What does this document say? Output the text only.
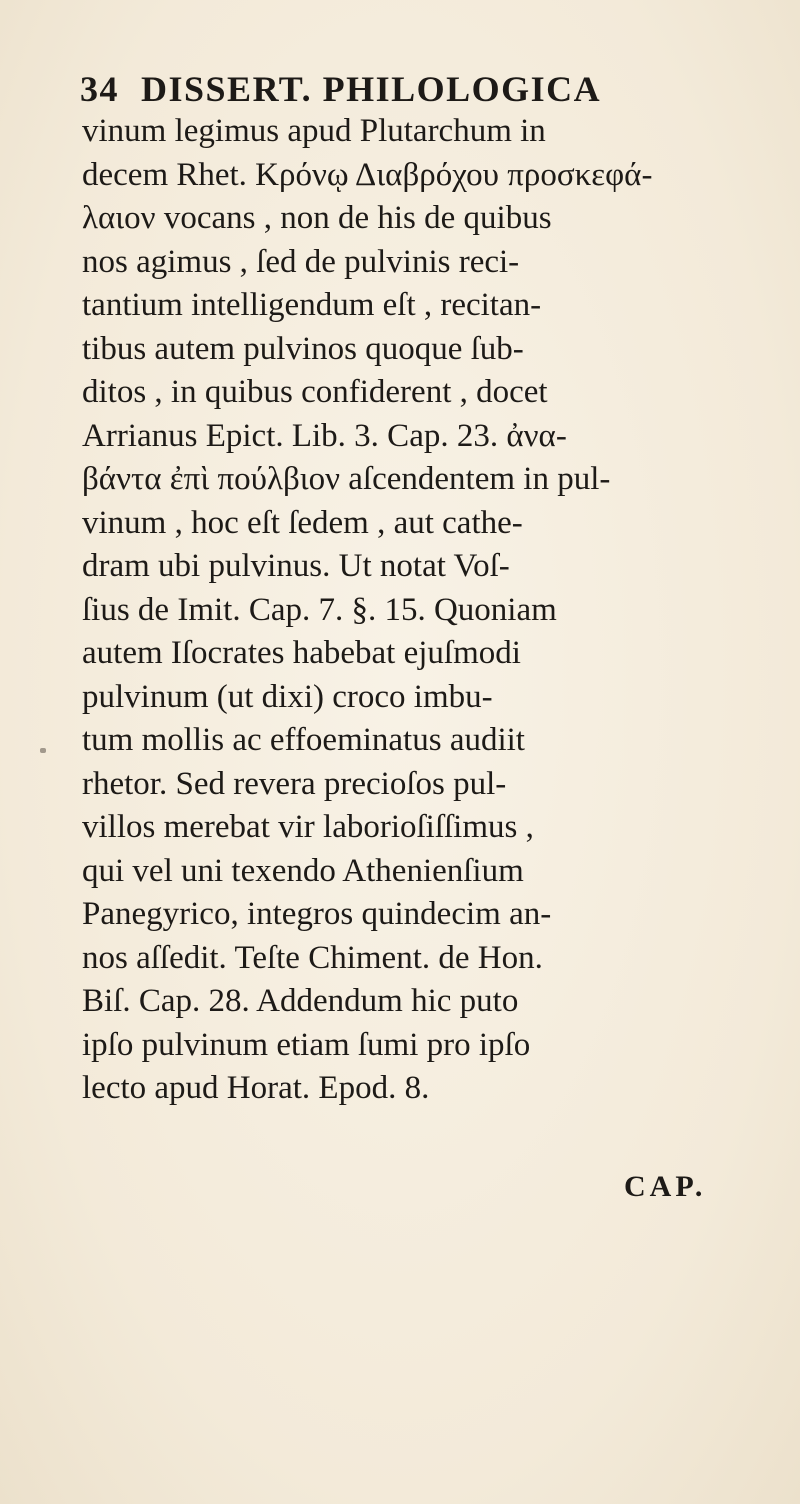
34 DISSERT. PHILOLOGICA
vinum legimus apud Plutarchum in
decem Rhet. Κρόνῳ Διαβρόχου προσκεφά-
λαιον vocans , non de his de quibus
nos agimus , ſed de pulvinis reci-
tantium intelligendum eſt , recitan-
tibus autem pulvinos quoque ſub-
ditos , in quibus confiderent , docet
Arrianus Epict. Lib. 3. Cap. 23. ἀνα-
βάντα ἐπὶ πούλβιον aſcendentem in pul-
vinum , hoc eſt ſedem , aut cathe-
dram ubi pulvinus. Ut notat Voſ-
ſius de Imit. Cap. 7. §. 15. Quoniam
autem Iſocrates habebat ejuſmodi
pulvinum (ut dixi) croco imbu-
tum mollis ac effoeminatus audiit
rhetor. Sed revera precioſos pul-
villos merebat vir laborioſiſſimus ,
qui vel uni texendo Athenienſium
Panegyrico, integros quindecim an-
nos aſſedit. Teſte Chiment. de Hon.
Biſ. Cap. 28. Addendum hic puto
ipſo pulvinum etiam ſumi pro ipſo
lecto apud Horat. Epod. 8.
CAP.
